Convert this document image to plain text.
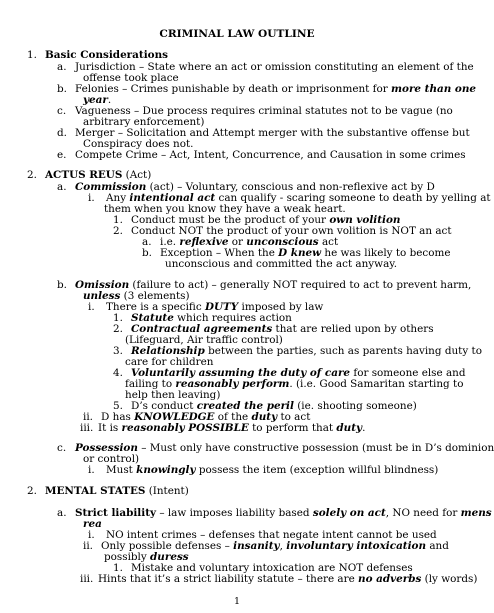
CRIMINAL LAW OUTLINE
1. Basic Considerations
a. Jurisdiction – State where an act or omission constituting an element of the
offense took place
b. Felonies – Crimes punishable by death or imprisonment for more than one
year.
c. Vagueness – Due process requires criminal statutes not to be vague (no
arbitrary enforcement)
d. Merger – Solicitation and Attempt merger with the substantive offense but
Conspiracy does not.
e. Compete Crime – Act, Intent, Concurrence, and Causation in some crimes
2. ACTUS REUS (Act)
a. Commission (act) – Voluntary, conscious and non-reflexive act by D
i. Any intentional act can qualify - scaring someone to death by yelling at
them when you know they have a weak heart.
1. Conduct must be the product of your own volition
2. Conduct NOT the product of your own volition is NOT an act
a. i.e. reflexive or unconscious act
b. Exception – When the D knew he was likely to become
unconscious and committed the act anyway.
b. Omission (failure to act) – generally NOT required to act to prevent harm,
unless (3 elements)
i. There is a specific DUTY imposed by law
1. Statute which requires action
2. Contractual agreements that are relied upon by others
(Lifeguard, Air traffic control)
3. Relationship between the parties, such as parents having duty to
care for children
4. Voluntarily assuming the duty of care for someone else and
failing to reasonably perform. (i.e. Good Samaritan starting to
help then leaving)
5. D’s conduct created the peril (ie. shooting someone)
ii. D has KNOWLEDGE of the duty to act
iii. It is reasonably POSSIBLE to perform that duty.
c. Possession – Must only have constructive possession (must be in D’s dominion
or control)
i. Must knowingly possess the item (exception willful blindness)
2. MENTAL STATES (Intent)
a. Strict liability – law imposes liability based solely on act, NO need for mens
rea
i. NO intent crimes – defenses that negate intent cannot be used
ii. Only possible defenses – insanity, involuntary intoxication and
possibly duress
1. Mistake and voluntary intoxication are NOT defenses
iii. Hints that it’s a strict liability statute – there are no adverbs (ly words)
1
